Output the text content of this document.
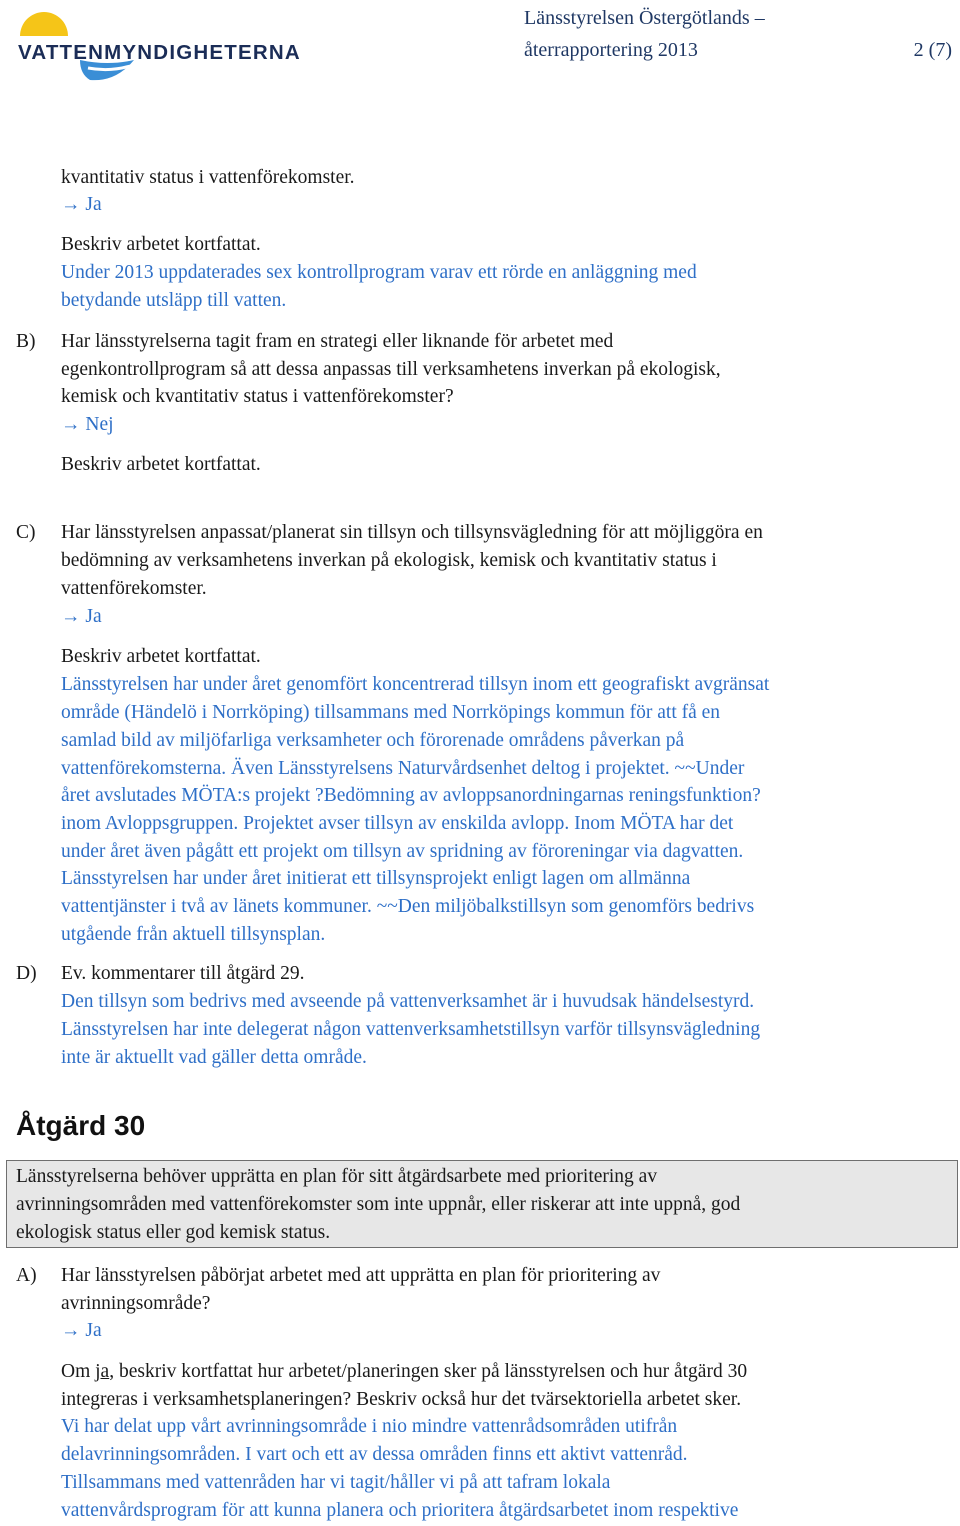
VATTENMYNDIGHETERNA
Länsstyrelsen Östergötlands –
återrapportering 2013	2 (7)
kvantitativ status i vattenförekomster.
→ Ja
Beskriv arbetet kortfattat.
Under 2013 uppdaterades sex kontrollprogram varav ett rörde en anläggning med
betydande utsläpp till vatten.
B) Har länsstyrelserna tagit fram en strategi eller liknande för arbetet med
egenkontrollprogram så att dessa anpassas till verksamhetens inverkan på ekologisk,
kemisk och kvantitativ status i vattenförekomster?
→ Nej
Beskriv arbetet kortfattat.
C) Har länsstyrelsen anpassat/planerat sin tillsyn och tillsynsvägledning för att möjliggöra en
bedömning av verksamhetens inverkan på ekologisk, kemisk och kvantitativ status i
vattenförekomster.
→ Ja
Beskriv arbetet kortfattat.
Länsstyrelsen har under året genomfört koncentrerad tillsyn inom ett geografiskt avgränsat
område (Händelö i Norrköping) tillsammans med Norrköpings kommun för att få en
samlad bild av miljöfarliga verksamheter och förorenade områdens påverkan på
vattenförekomsterna. Även Länsstyrelsens Naturvårdsenhet deltog i projektet. ~~Under
året avslutades MÖTA:s projekt ?Bedömning av avloppsanordningarnas reningsfunktion?
inom Avloppsgruppen. Projektet avser tillsyn av enskilda avlopp. Inom MÖTA har det
under året även pågått ett projekt om tillsyn av spridning av föroreningar via dagvatten.
Länsstyrelsen har under året initierat ett tillsynsprojekt enligt lagen om allmänna
vattentjänster i två av länets kommuner. ~~Den miljöbalkstillsyn som genomförs bedrivs
utgående från aktuell tillsynsplan.
D) Ev. kommentarer till åtgärd 29.
Den tillsyn som bedrivs med avseende på vattenverksamhet är i huvudsak händelsestyrd.
Länsstyrelsen har inte delegerat någon vattenverksamhetstillsyn varför tillsynsvägledning
inte är aktuellt vad gäller detta område.
Åtgärd 30
Länsstyrelserna behöver upprätta en plan för sitt åtgärdsarbete med prioritering av
avrinningsområden med vattenförekomster som inte uppnår, eller riskerar att inte uppnå, god
ekologisk status eller god kemisk status.
A) Har länsstyrelsen påbörjat arbetet med att upprätta en plan för prioritering av
avrinningsområde?
→ Ja
Om ja, beskriv kortfattat hur arbetet/planeringen sker på länsstyrelsen och hur åtgärd 30
integreras i verksamhetsplaneringen? Beskriv också hur det tvärsektoriella arbetet sker.
Vi har delat upp vårt avrinningsområde i nio mindre vattenrådsområden utifrån
delavrinningsområden. I vart och ett av dessa områden finns ett aktivt vattenråd.
Tillsammans med vattenråden har vi tagit/håller vi på att tafram lokala
vattenvårdsprogram för att kunna planera och prioritera åtgärdsarbetet inom respektive
